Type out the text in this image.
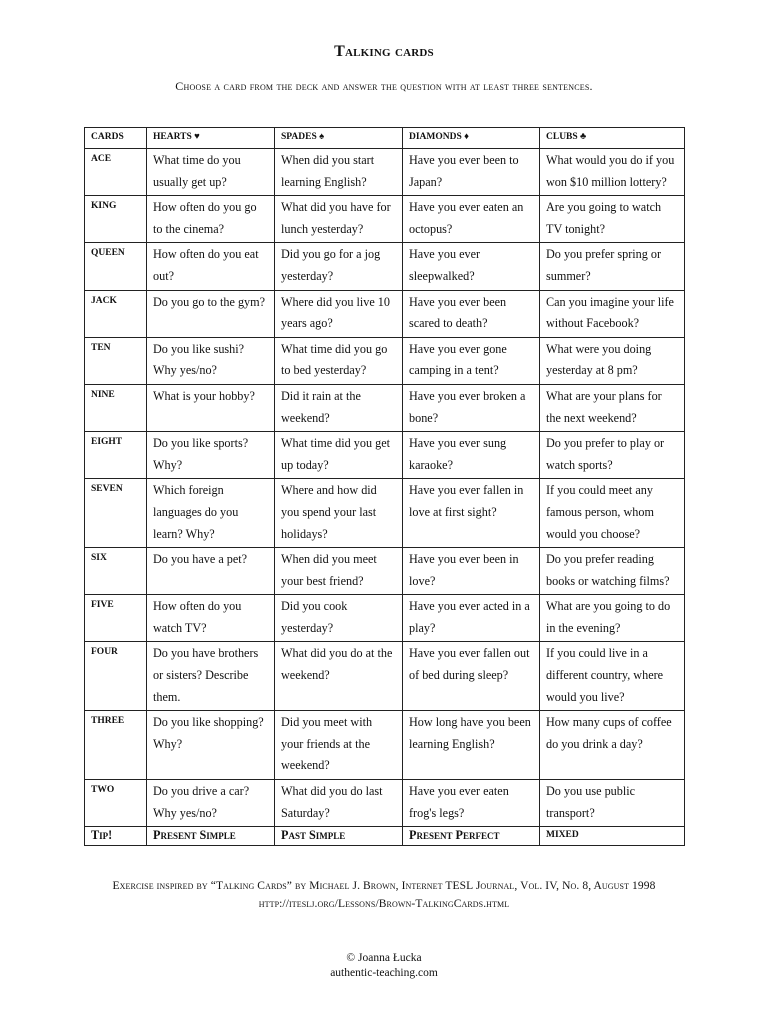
Talking cards
Choose a card from the deck and answer the question with at least three sentences.
CARDS	HEARTS ♥	SPADES ♠	DIAMONDS ♦	CLUBS ♣
ACE	What time do you usually get up?	When did you start learning English?	Have you ever been to Japan?	What would you do if you won $10 million lottery?
KING	How often do you go to the cinema?	What did you have for lunch yesterday?	Have you ever eaten an octopus?	Are you going to watch TV tonight?
QUEEN	How often do you eat out?	Did you go for a jog yesterday?	Have you ever sleepwalked?	Do you prefer spring or summer?
JACK	Do you go to the gym?	Where did you live 10 years ago?	Have you ever been scared to death?	Can you imagine your life without Facebook?
TEN	Do you like sushi? Why yes/no?	What time did you go to bed yesterday?	Have you ever gone camping in a tent?	What were you doing yesterday at 8 pm?
NINE	What is your hobby?	Did it rain at the weekend?	Have you ever broken a bone?	What are your plans for the next weekend?
EIGHT	Do you like sports? Why?	What time did you get up today?	Have you ever sung karaoke?	Do you prefer to play or watch sports?
SEVEN	Which foreign languages do you learn? Why?	Where and how did you spend your last holidays?	Have you ever fallen in love at first sight?	If you could meet any famous person, whom would you choose?
SIX	Do you have a pet?	When did you meet your best friend?	Have you ever been in love?	Do you prefer reading books or watching films?
FIVE	How often do you watch TV?	Did you cook yesterday?	Have you ever acted in a play?	What are you going to do in the evening?
FOUR	Do you have brothers or sisters? Describe them.	What did you do at the weekend?	Have you ever fallen out of bed during sleep?	If you could live in a different country, where would you live?
THREE	Do you like shopping? Why?	Did you meet with your friends at the weekend?	How long have you been learning English?	How many cups of coffee do you drink a day?
TWO	Do you drive a car? Why yes/no?	What did you do last Saturday?	Have you ever eaten frog's legs?	Do you use public transport?
Tip!	Present Simple	Past Simple	Present Perfect	MIXED
Exercise inspired by “Talking Cards” by Michael J. Brown, Internet TESL Journal, Vol. IV, No. 8, August 1998
http://iteslj.org/Lessons/Brown-TalkingCards.html
© Joanna Łucka
authentic-teaching.com
